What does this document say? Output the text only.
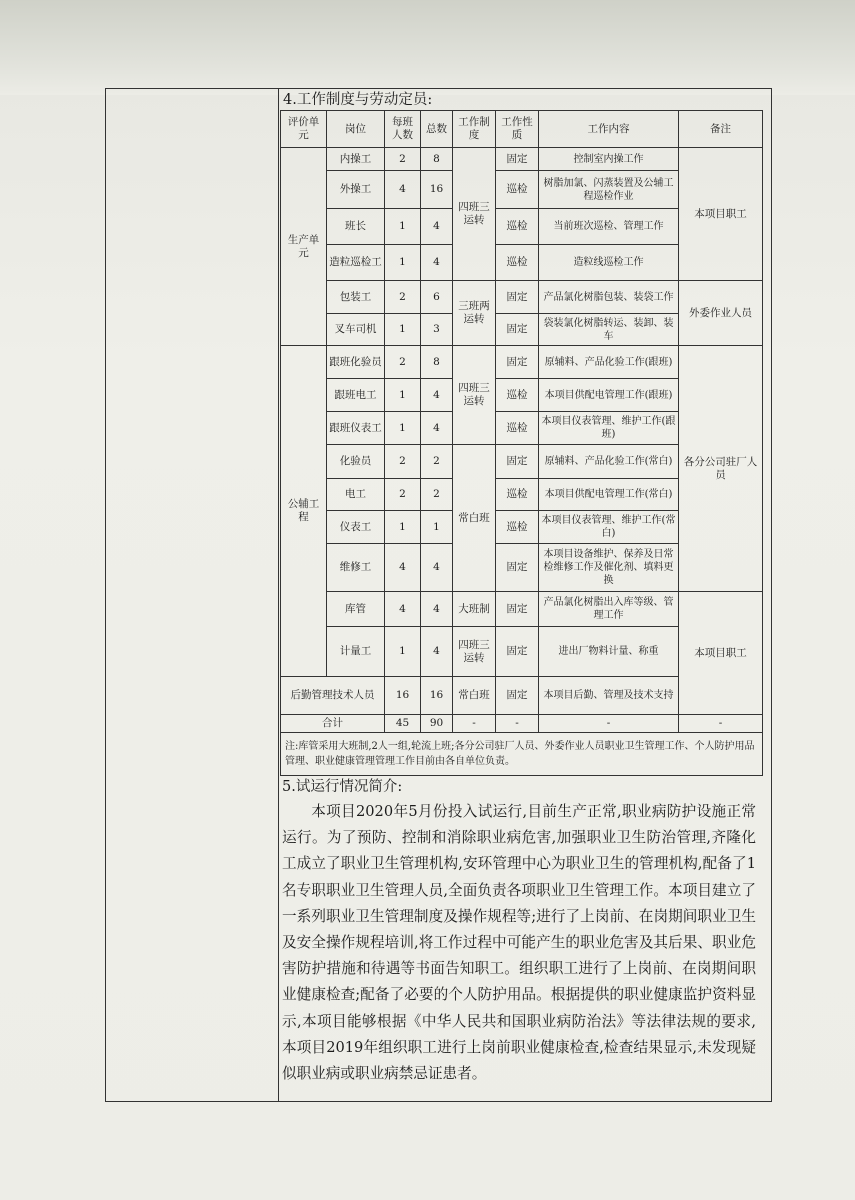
4.工作制度与劳动定员:
评价单元	岗位	每班人数	总数	工作制度	工作性质	工作内容	备注
生产单元	内操工	2	8	四班三运转	固定	控制室内操工作	本项目职工
	外操工	4	16		巡检	树脂加氯、闪蒸装置及公辅工程巡检作业	
	班长	1	4		巡检	当前班次巡检、管理工作	
	造粒巡检工	1	4		巡检	造粒线巡检工作	
	包装工	2	6	三班两运转	固定	产品氯化树脂包装、装袋工作	外委作业人员
	叉车司机	1	3		固定	袋装氯化树脂转运、装卸、装车	
公辅工程	跟班化验员	2	8	四班三运转	固定	原辅料、产品化验工作(跟班)	各分公司驻厂人员
	跟班电工	1	4		巡检	本项目供配电管理工作(跟班)	
	跟班仪表工	1	4		巡检	本项目仪表管理、维护工作(跟班)	
	化验员	2	2	常白班	固定	原辅料、产品化验工作(常白)	
	电工	2	2		巡检	本项目供配电管理工作(常白)	
	仪表工	1	1		巡检	本项目仪表管理、维护工作(常白)	
	维修工	4	4		固定	本项目设备维护、保养及日常检维修工作及催化剂、填料更换	
	库管	4	4	大班制	固定	产品氯化树脂出入库等级、管理工作	本项目职工
	计量工	1	4	四班三运转	固定	进出厂物料计量、称重	
后勤管理技术人员		16	16	常白班	固定	本项目后勤、管理及技术支持	
合计		45	90	-	-	-	-
注:库管采用大班制,2人一组,轮流上班;各分公司驻厂人员、外委作业人员职业卫生管理工作、个人防护用品管理、职业健康管理管理工作目前由各自单位负责。							
5.试运行情况简介:
本项目2020年5月份投入试运行,目前生产正常,职业病防护设施正常运行。为了预防、控制和消除职业病危害,加强职业卫生防治管理,齐隆化工成立了职业卫生管理机构,安环管理中心为职业卫生的管理机构,配备了1名专职职业卫生管理人员,全面负责各项职业卫生管理工作。本项目建立了一系列职业卫生管理制度及操作规程等;进行了上岗前、在岗期间职业卫生及安全操作规程培训,将工作过程中可能产生的职业危害及其后果、职业危害防护措施和待遇等书面告知职工。组织职工进行了上岗前、在岗期间职业健康检查;配备了必要的个人防护用品。根据提供的职业健康监护资料显示,本项目能够根据《中华人民共和国职业病防治法》等法律法规的要求,本项目2019年组织职工进行上岗前职业健康检查,检查结果显示,未发现疑似职业病或职业病禁忌证患者。
